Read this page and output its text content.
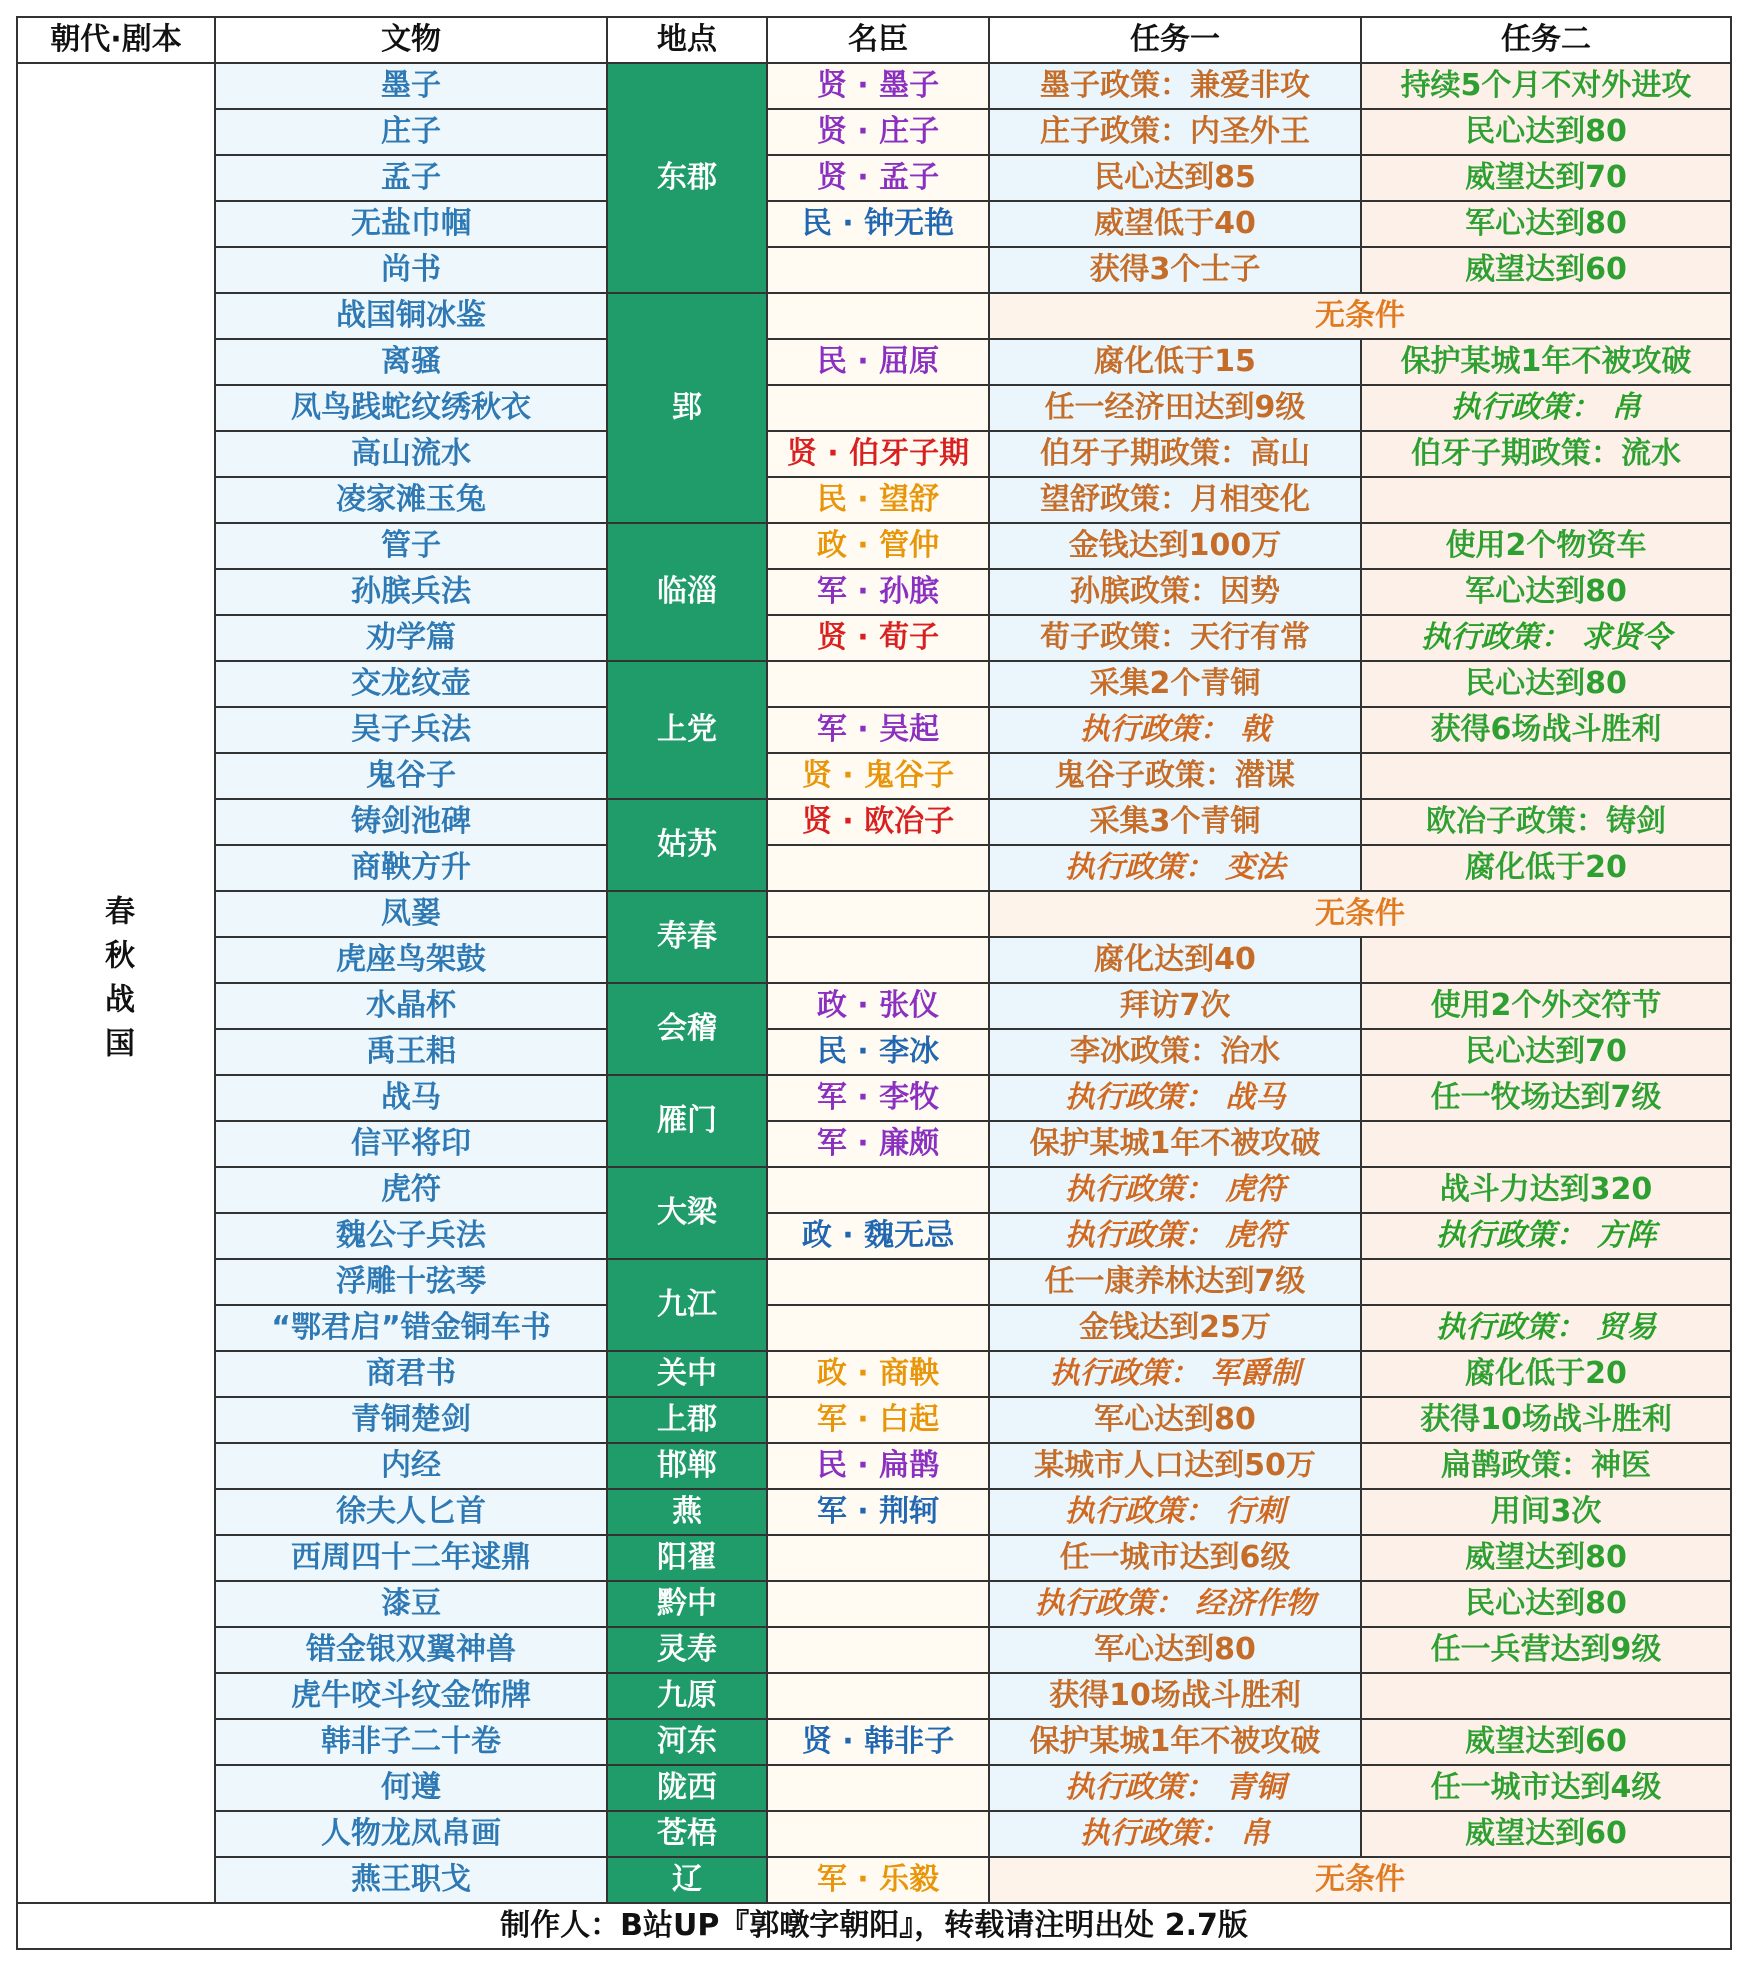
朝代·剧本	文物	地点	名臣	任务一	任务二
春秋战国	墨子	东郡	贤 · 墨子	墨子政策：兼爱非攻	持续5个月不对外进攻
	庄子		贤 · 庄子	庄子政策：内圣外王	民心达到80
	孟子		贤 · 孟子	民心达到85	威望达到70
	无盐巾帼		民 · 钟无艳	威望低于40	军心达到80
	尚书			获得3个士子	威望达到60
	战国铜冰鉴	郢		无条件	
	离骚		民 · 屈原	腐化低于15	保护某城1年不被攻破
	凤鸟践蛇纹绣秋衣			任一经济田达到9级	执行政策： 帛
	高山流水		贤 · 伯牙子期	伯牙子期政策：高山	伯牙子期政策：流水
	凌家滩玉兔		民 · 望舒	望舒政策：月相变化	
	管子	临淄	政 · 管仲	金钱达到100万	使用2个物资车
	孙膑兵法		军 · 孙膑	孙膑政策：因势	军心达到80
	劝学篇		贤 · 荀子	荀子政策：天行有常	执行政策： 求贤令
	交龙纹壶	上党		采集2个青铜	民心达到80
	吴子兵法		军 · 吴起	执行政策： 戟	获得6场战斗胜利
	鬼谷子		贤 · 鬼谷子	鬼谷子政策：潜谋	
	铸剑池碑	姑苏	贤 · 欧冶子	采集3个青铜	欧冶子政策：铸剑
	商鞅方升			执行政策： 变法	腐化低于20
	凤翣	寿春		无条件	
	虎座鸟架鼓			腐化达到40	
	水晶杯	会稽	政 · 张仪	拜访7次	使用2个外交符节
	禹王耜		民 · 李冰	李冰政策：治水	民心达到70
	战马	雁门	军 · 李牧	执行政策： 战马	任一牧场达到7级
	信平将印		军 · 廉颇	保护某城1年不被攻破	
	虎符	大梁		执行政策： 虎符	战斗力达到320
	魏公子兵法		政 · 魏无忌	执行政策： 虎符	执行政策： 方阵
	浮雕十弦琴	九江		任一康养林达到7级	
	“鄂君启”错金铜车书			金钱达到25万	执行政策： 贸易
	商君书	关中	政 · 商鞅	执行政策： 军爵制	腐化低于20
	青铜楚剑	上郡	军 · 白起	军心达到80	获得10场战斗胜利
	内经	邯郸	民 · 扁鹊	某城市人口达到50万	扁鹊政策：神医
	徐夫人匕首	燕	军 · 荆轲	执行政策： 行刺	用间3次
	西周四十二年逑鼎	阳翟		任一城市达到6级	威望达到80
	漆豆	黔中		执行政策： 经济作物	民心达到80
	错金银双翼神兽	灵寿		军心达到80	任一兵营达到9级
	虎牛咬斗纹金饰牌	九原		获得10场战斗胜利	
	韩非子二十卷	河东	贤 · 韩非子	保护某城1年不被攻破	威望达到60
	何遵	陇西		执行政策： 青铜	任一城市达到4级
	人物龙凤帛画	苍梧		执行政策： 帛	威望达到60
	燕王职戈	辽	军 · 乐毅	无条件	
制作人：B站UP『郭暾字朝阳』，转载请注明出处 2.7版					
